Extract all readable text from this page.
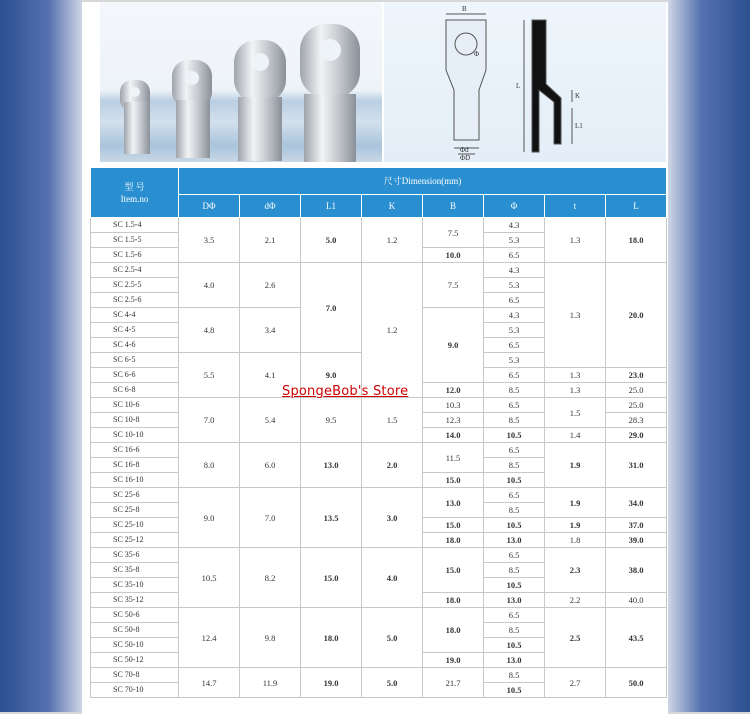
B
Φ
Φd
ΦD
L
K
L1
型 号
Item.no	尺寸Dimension(mm)							
	DΦ	dΦ	L1	K	B	Φ	t	L
SC 1.5-4	3.5	2.1	5.0	1.2	7.5	4.3	1.3	18.0
SC 1.5-5						5.3		
SC 1.5-6					10.0	6.5		
SC 2.5-4	4.0	2.6	7.0	1.2	7.5	4.3	1.3	20.0
SC 2.5-5						5.3		
SC 2.5-6						6.5		
SC 4-4	4.8	3.4			9.0	4.3		
SC 4-5						5.3		
SC 4-6						6.5		
SC 6-5	5.5	4.1	9.0			5.3		
SC 6-6						6.5	1.3	23.0
SC 6-8					12.0	8.5	1.3	25.0
SC 10-6	7.0	5.4	9.5	1.5	10.3	6.5	1.5	25.0
SC 10-8					12.3	8.5		28.3
SC 10-10					14.0	10.5	1.4	29.0
SC 16-6	8.0	6.0	13.0	2.0	11.5	6.5	1.9	31.0
SC 16-8						8.5		
SC 16-10					15.0	10.5		
SC 25-6	9.0	7.0	13.5	3.0	13.0	6.5	1.9	34.0
SC 25-8						8.5		
SC 25-10					15.0	10.5	1.9	37.0
SC 25-12					18.0	13.0	1.8	39.0
SC 35-6	10.5	8.2	15.0	4.0	15.0	6.5	2.3	38.0
SC 35-8						8.5		
SC 35-10						10.5		
SC 35-12					18.0	13.0	2.2	40.0
SC 50-6	12.4	9.8	18.0	5.0	18.0	6.5	2.5	43.5
SC 50-8						8.5		
SC 50-10						10.5		
SC 50-12					19.0	13.0		
SC 70-8	14.7	11.9	19.0	5.0	21.7	8.5	2.7	50.0
SC 70-10						10.5		
SpongeBob's Store
